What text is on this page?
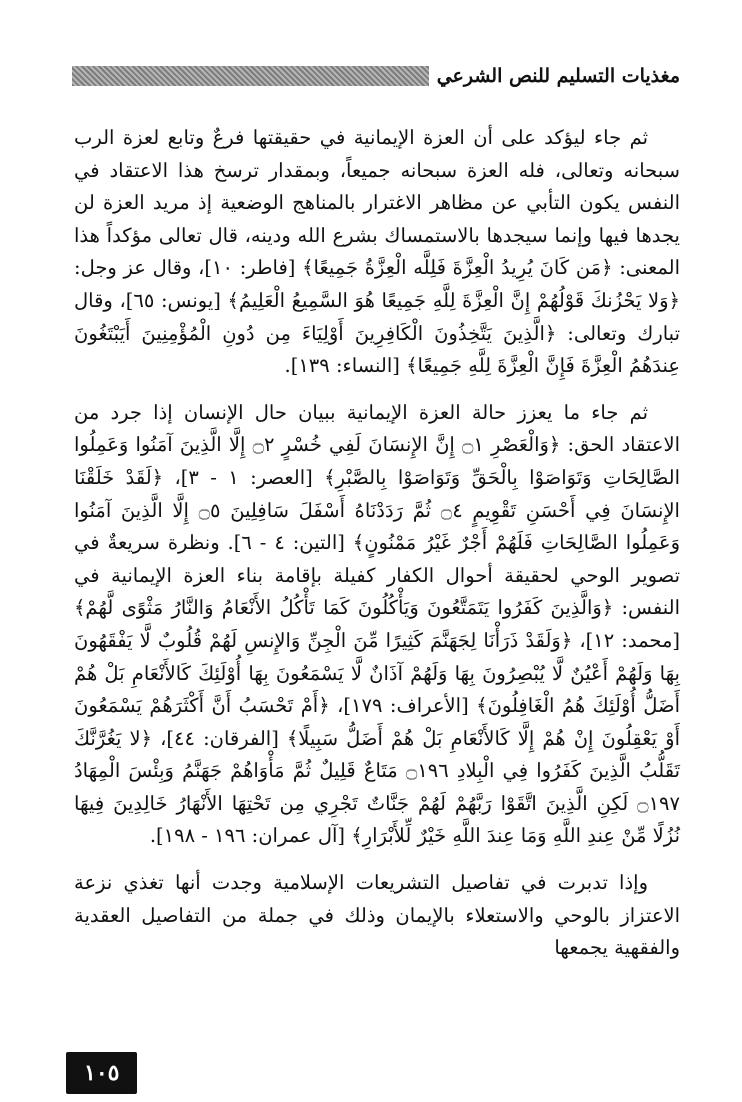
مغذيات التسليم للنص الشرعي

ثم جاء ليؤكد على أن العزة الإيمانية في حقيقتها فرعٌ وتابع لعزة الرب سبحانه وتعالى، فله العزة سبحانه جميعاً، وبمقدار ترسخ هذا الاعتقاد في النفس يكون التأبي عن مظاهر الاغترار بالمناهج الوضعية إذ مريد العزة لن يجدها فيها وإنما سيجدها بالاستمساك بشرع الله ودينه، قال تعالى مؤكداً هذا المعنى: ﴿مَن كَانَ يُرِيدُ الْعِزَّةَ فَلِلَّه الْعِزَّةُ جَمِيعًا﴾ [فاطر: ١٠]، وقال عز وجل: ﴿وَلا يَحْزُنكَ قَوْلُهُمْ إِنَّ الْعِزَّةَ لِلَّهِ جَمِيعًا هُوَ السَّمِيعُ الْعَلِيمُ﴾ [يونس: ٦٥]، وقال تبارك وتعالى: ﴿الَّذِينَ يَتَّخِذُونَ الْكَافِرِينَ أَوْلِيَاءَ مِن دُونِ الْمُؤْمِنِينَ أَيَبْتَغُونَ عِندَهُمُ الْعِزَّةَ فَإِنَّ الْعِزَّةَ لِلَّهِ جَمِيعًا﴾ [النساء: ١٣٩].

ثم جاء ما يعزز حالة العزة الإيمانية ببيان حال الإنسان إذا جرد من الاعتقاد الحق: ﴿وَالْعَصْرِ ۝١ إِنَّ الإِنسَانَ لَفِي خُسْرٍ ۝٢ إِلَّا الَّذِينَ آمَنُوا وَعَمِلُوا الصَّالِحَاتِ وَتَوَاصَوْا بِالْحَقِّ وَتَوَاصَوْا بِالصَّبْرِ﴾ [العصر: ١ - ٣]، ﴿لَقَدْ خَلَقْنَا الإِنسَانَ فِي أَحْسَنِ تَقْوِيمٍ ۝٤ ثُمَّ رَدَدْنَاهُ أَسْفَلَ سَافِلِينَ ۝٥ إِلَّا الَّذِينَ آمَنُوا وَعَمِلُوا الصَّالِحَاتِ فَلَهُمْ أَجْرٌ غَيْرُ مَمْنُونٍ﴾ [التين: ٤ - ٦]. ونظرة سريعةٌ في تصوير الوحي لحقيقة أحوال الكفار كفيلة بإقامة بناء العزة الإيمانية في النفس: ﴿وَالَّذِينَ كَفَرُوا يَتَمَتَّعُونَ وَيَأْكُلُونَ كَمَا تَأْكُلُ الأَنْعَامُ وَالنَّارُ مَثْوًى لَّهُمْ﴾ [محمد: ١٢]، ﴿وَلَقَدْ ذَرَأْنَا لِجَهَنَّمَ كَثِيرًا مِّنَ الْجِنِّ وَالإِنسِ لَهُمْ قُلُوبٌ لَّا يَفْقَهُونَ بِهَا وَلَهُمْ أَعْيُنٌ لَّا يُبْصِرُونَ بِهَا وَلَهُمْ آذَانٌ لَّا يَسْمَعُونَ بِهَا أُوْلَئِكَ كَالأَنْعَامِ بَلْ هُمْ أَضَلُّ أُوْلَئِكَ هُمُ الْغَافِلُونَ﴾ [الأعراف: ١٧٩]، ﴿أَمْ تَحْسَبُ أَنَّ أَكْثَرَهُمْ يَسْمَعُونَ أَوْ يَعْقِلُونَ إِنْ هُمْ إِلَّا كَالأَنْعَامِ بَلْ هُمْ أَضَلُّ سَبِيلًا﴾ [الفرقان: ٤٤]، ﴿لا يَغُرَّنَّكَ تَقَلُّبُ الَّذِينَ كَفَرُوا فِي الْبِلادِ ۝١٩٦ مَتَاعٌ قَلِيلٌ ثُمَّ مَأْوَاهُمْ جَهَنَّمُ وَبِئْسَ الْمِهَادُ ۝١٩٧ لَكِنِ الَّذِينَ اتَّقَوْا رَبَّهُمْ لَهُمْ جَنَّاتٌ تَجْرِي مِن تَحْتِهَا الأَنْهَارُ خَالِدِينَ فِيهَا نُزُلًا مِّنْ عِندِ اللَّهِ وَمَا عِندَ اللَّهِ خَيْرٌ لِّلأَبْرَارِ﴾ [آل عمران: ١٩٦ - ١٩٨].

وإذا تدبرت في تفاصيل التشريعات الإسلامية وجدت أنها تغذي نزعة الاعتزاز بالوحي والاستعلاء بالإيمان وذلك في جملة من التفاصيل العقدية والفقهية يجمعها

١٠٥
